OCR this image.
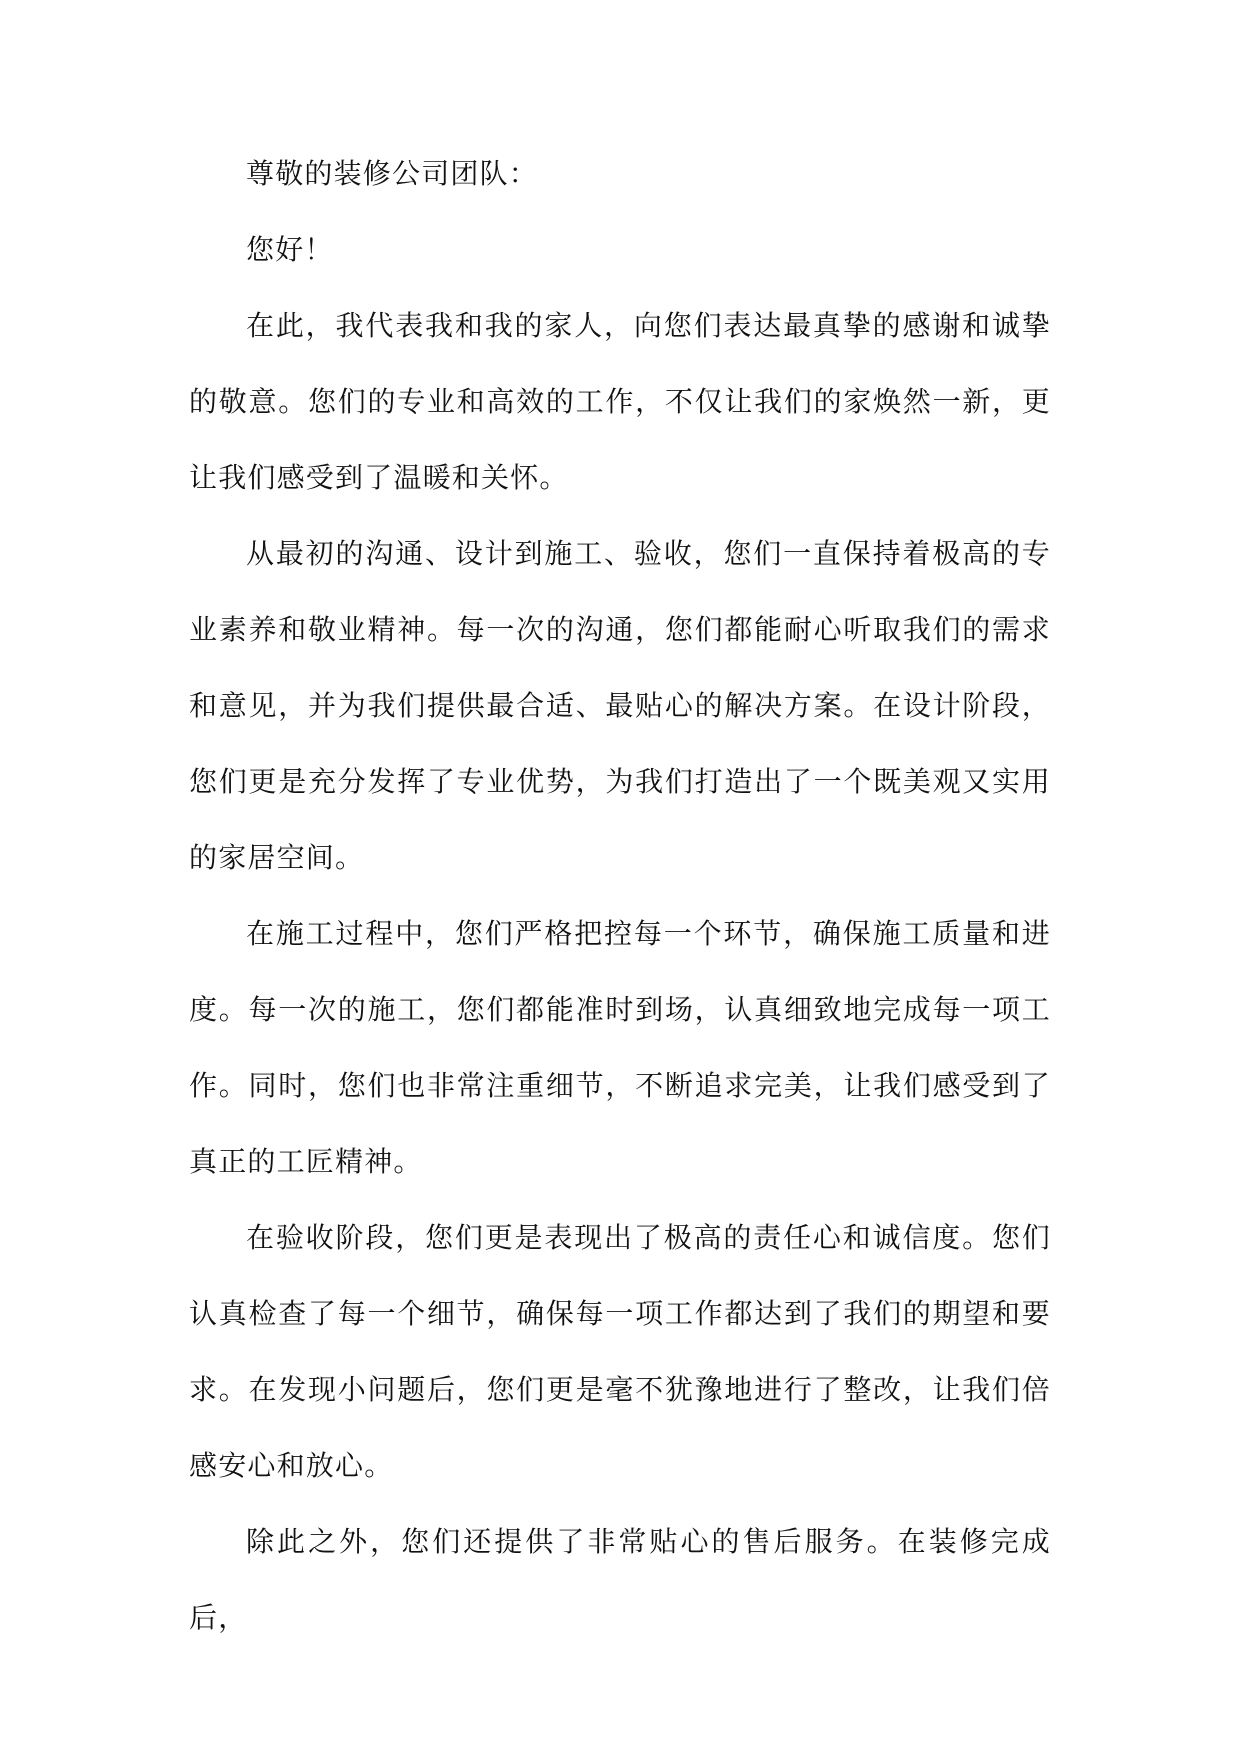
尊敬的装修公司团队：

您好！

在此，我代表我和我的家人，向您们表达最真挚的感谢和诚挚的敬意。您们的专业和高效的工作，不仅让我们的家焕然一新，更让我们感受到了温暖和关怀。

从最初的沟通、设计到施工、验收，您们一直保持着极高的专业素养和敬业精神。每一次的沟通，您们都能耐心听取我们的需求和意见，并为我们提供最合适、最贴心的解决方案。在设计阶段，您们更是充分发挥了专业优势，为我们打造出了一个既美观又实用的家居空间。

在施工过程中，您们严格把控每一个环节，确保施工质量和进度。每一次的施工，您们都能准时到场，认真细致地完成每一项工作。同时，您们也非常注重细节，不断追求完美，让我们感受到了真正的工匠精神。

在验收阶段，您们更是表现出了极高的责任心和诚信度。您们认真检查了每一个细节，确保每一项工作都达到了我们的期望和要求。在发现小问题后，您们更是毫不犹豫地进行了整改，让我们倍感安心和放心。

除此之外，您们还提供了非常贴心的售后服务。在装修完成后，
